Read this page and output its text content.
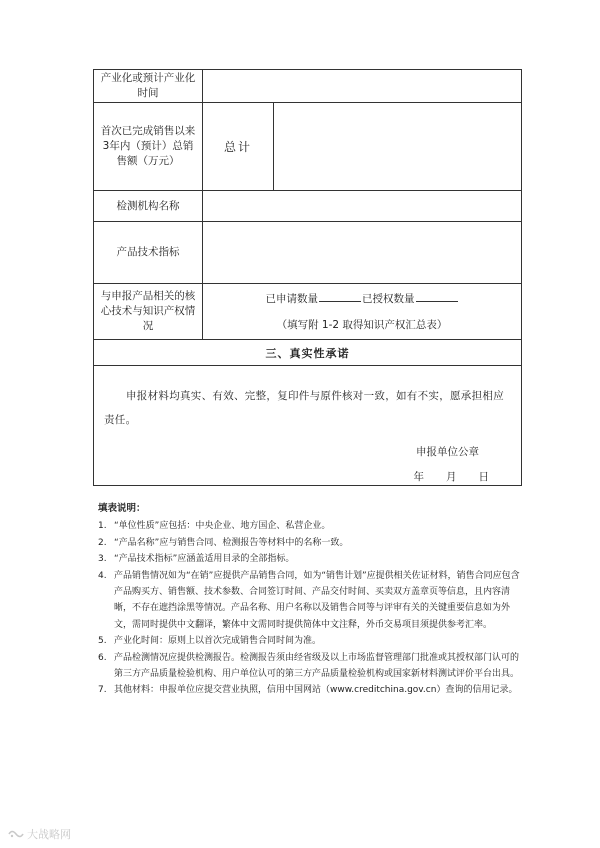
产业化或预计产业化时间		
首次已完成销售以来3年内（预计）总销售额（万元）	总计	
检测机构名称		
产品技术指标		
与申报产品相关的核心技术与知识产权情况	已申请数量 已授权数量
（填写附 1-2 取得知识产权汇总表）	

三、真实性承诺		

申报材料均真实、有效、完整，复印件与原件核对一致，如有不实，愿承担相应责任。
申报单位公章
年 月 日		
填表说明：
1. “单位性质”应包括：中央企业、地方国企、私营企业。
2. “产品名称”应与销售合同、检测报告等材料中的名称一致。
3. “产品技术指标”应涵盖适用目录的全部指标。
4. 产品销售情况如为“在销”应提供产品销售合同，如为“销售计划”应提供相关佐证材料，销售合同应包含产品购买方、销售额、技术参数、合同签订时间、产品交付时间、买卖双方盖章页等信息，且内容清晰，不存在遮挡涂黑等情况。产品名称、用户名称以及销售合同等与评审有关的关键重要信息如为外文，需同时提供中文翻译，繁体中文需同时提供简体中文注释，外币交易项目须提供参考汇率。
5. 产业化时间：原则上以首次完成销售合同时间为准。
6. 产品检测情况应提供检测报告。检测报告须由经省级及以上市场监督管理部门批准或其授权部门认可的第三方产品质量检验机构、用户单位认可的第三方产品质量检验机构或国家新材料测试评价平台出具。
7. 其他材料：申报单位应提交营业执照，信用中国网站（www.creditchina.gov.cn）查询的信用记录。
大战略网
